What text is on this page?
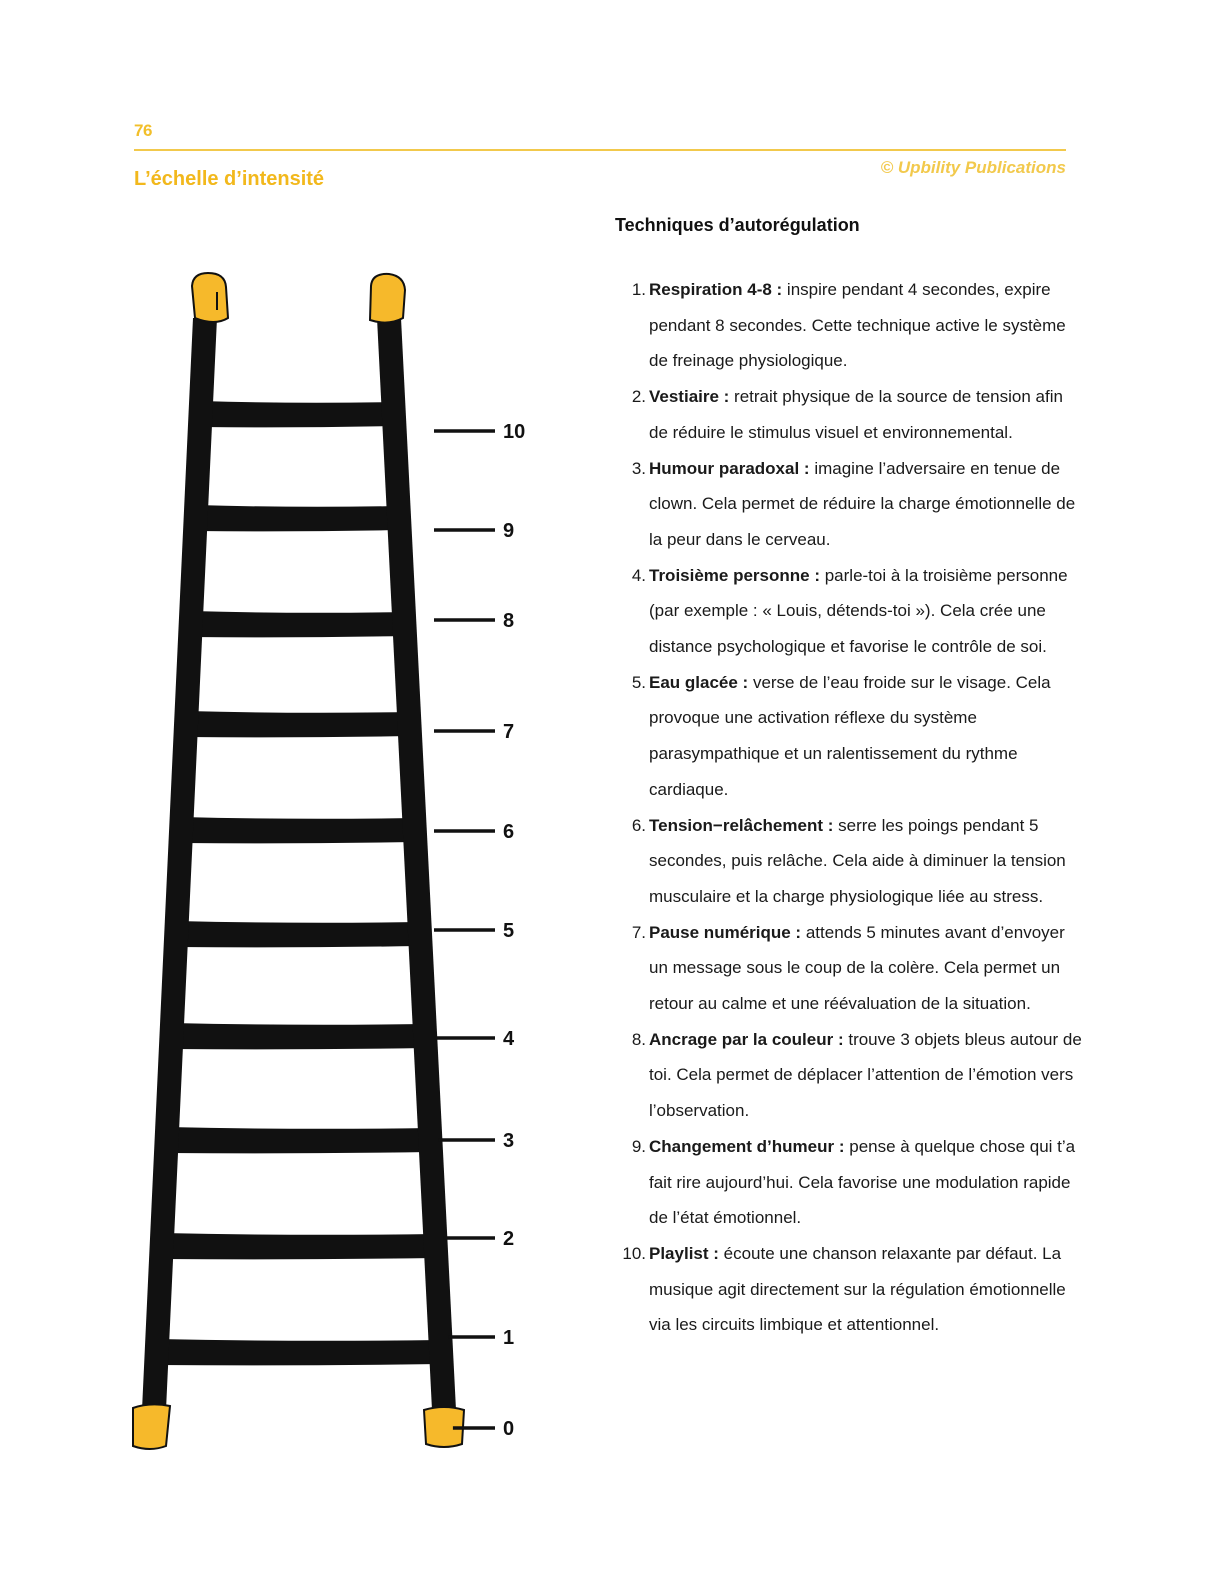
76
© Upbility Publications
L’échelle d’intensité
0
1
2
3
4
5
6
7
8
9
10
Techniques d’autorégulation
1. Respiration 4-8 : inspire pendant 4 secondes, expire pendant 8 secondes. Cette technique active le système de freinage physiologique.
2. Vestiaire : retrait physique de la source de tension afin de réduire le stimulus visuel et environnemental.
3. Humour paradoxal : imagine l’adversaire en tenue de clown. Cela permet de réduire la charge émotionnelle de la peur dans le cerveau.
4. Troisième personne : parle-toi à la troisième personne (par exemple : « Louis, détends-toi »). Cela crée une distance psychologique et favorise le contrôle de soi.
5. Eau glacée : verse de l’eau froide sur le visage. Cela provoque une activation réflexe du système parasympathique et un ralentissement du rythme cardiaque.
6. Tension−relâchement : serre les poings pendant 5 secondes, puis relâche. Cela aide à diminuer la tension musculaire et la charge physiologique liée au stress.
7. Pause numérique : attends 5 minutes avant d’envoyer un message sous le coup de la colère. Cela permet un retour au calme et une réévaluation de la situation.
8. Ancrage par la couleur : trouve 3 objets bleus autour de toi. Cela permet de déplacer l’attention de l’émotion vers l’observation.
9. Changement d’humeur : pense à quelque chose qui t’a fait rire aujourd’hui. Cela favorise une modulation rapide de l’état émotionnel.
10. Playlist : écoute une chanson relaxante par défaut. La musique agit directement sur la régulation émotionnelle via les circuits limbique et attentionnel.
